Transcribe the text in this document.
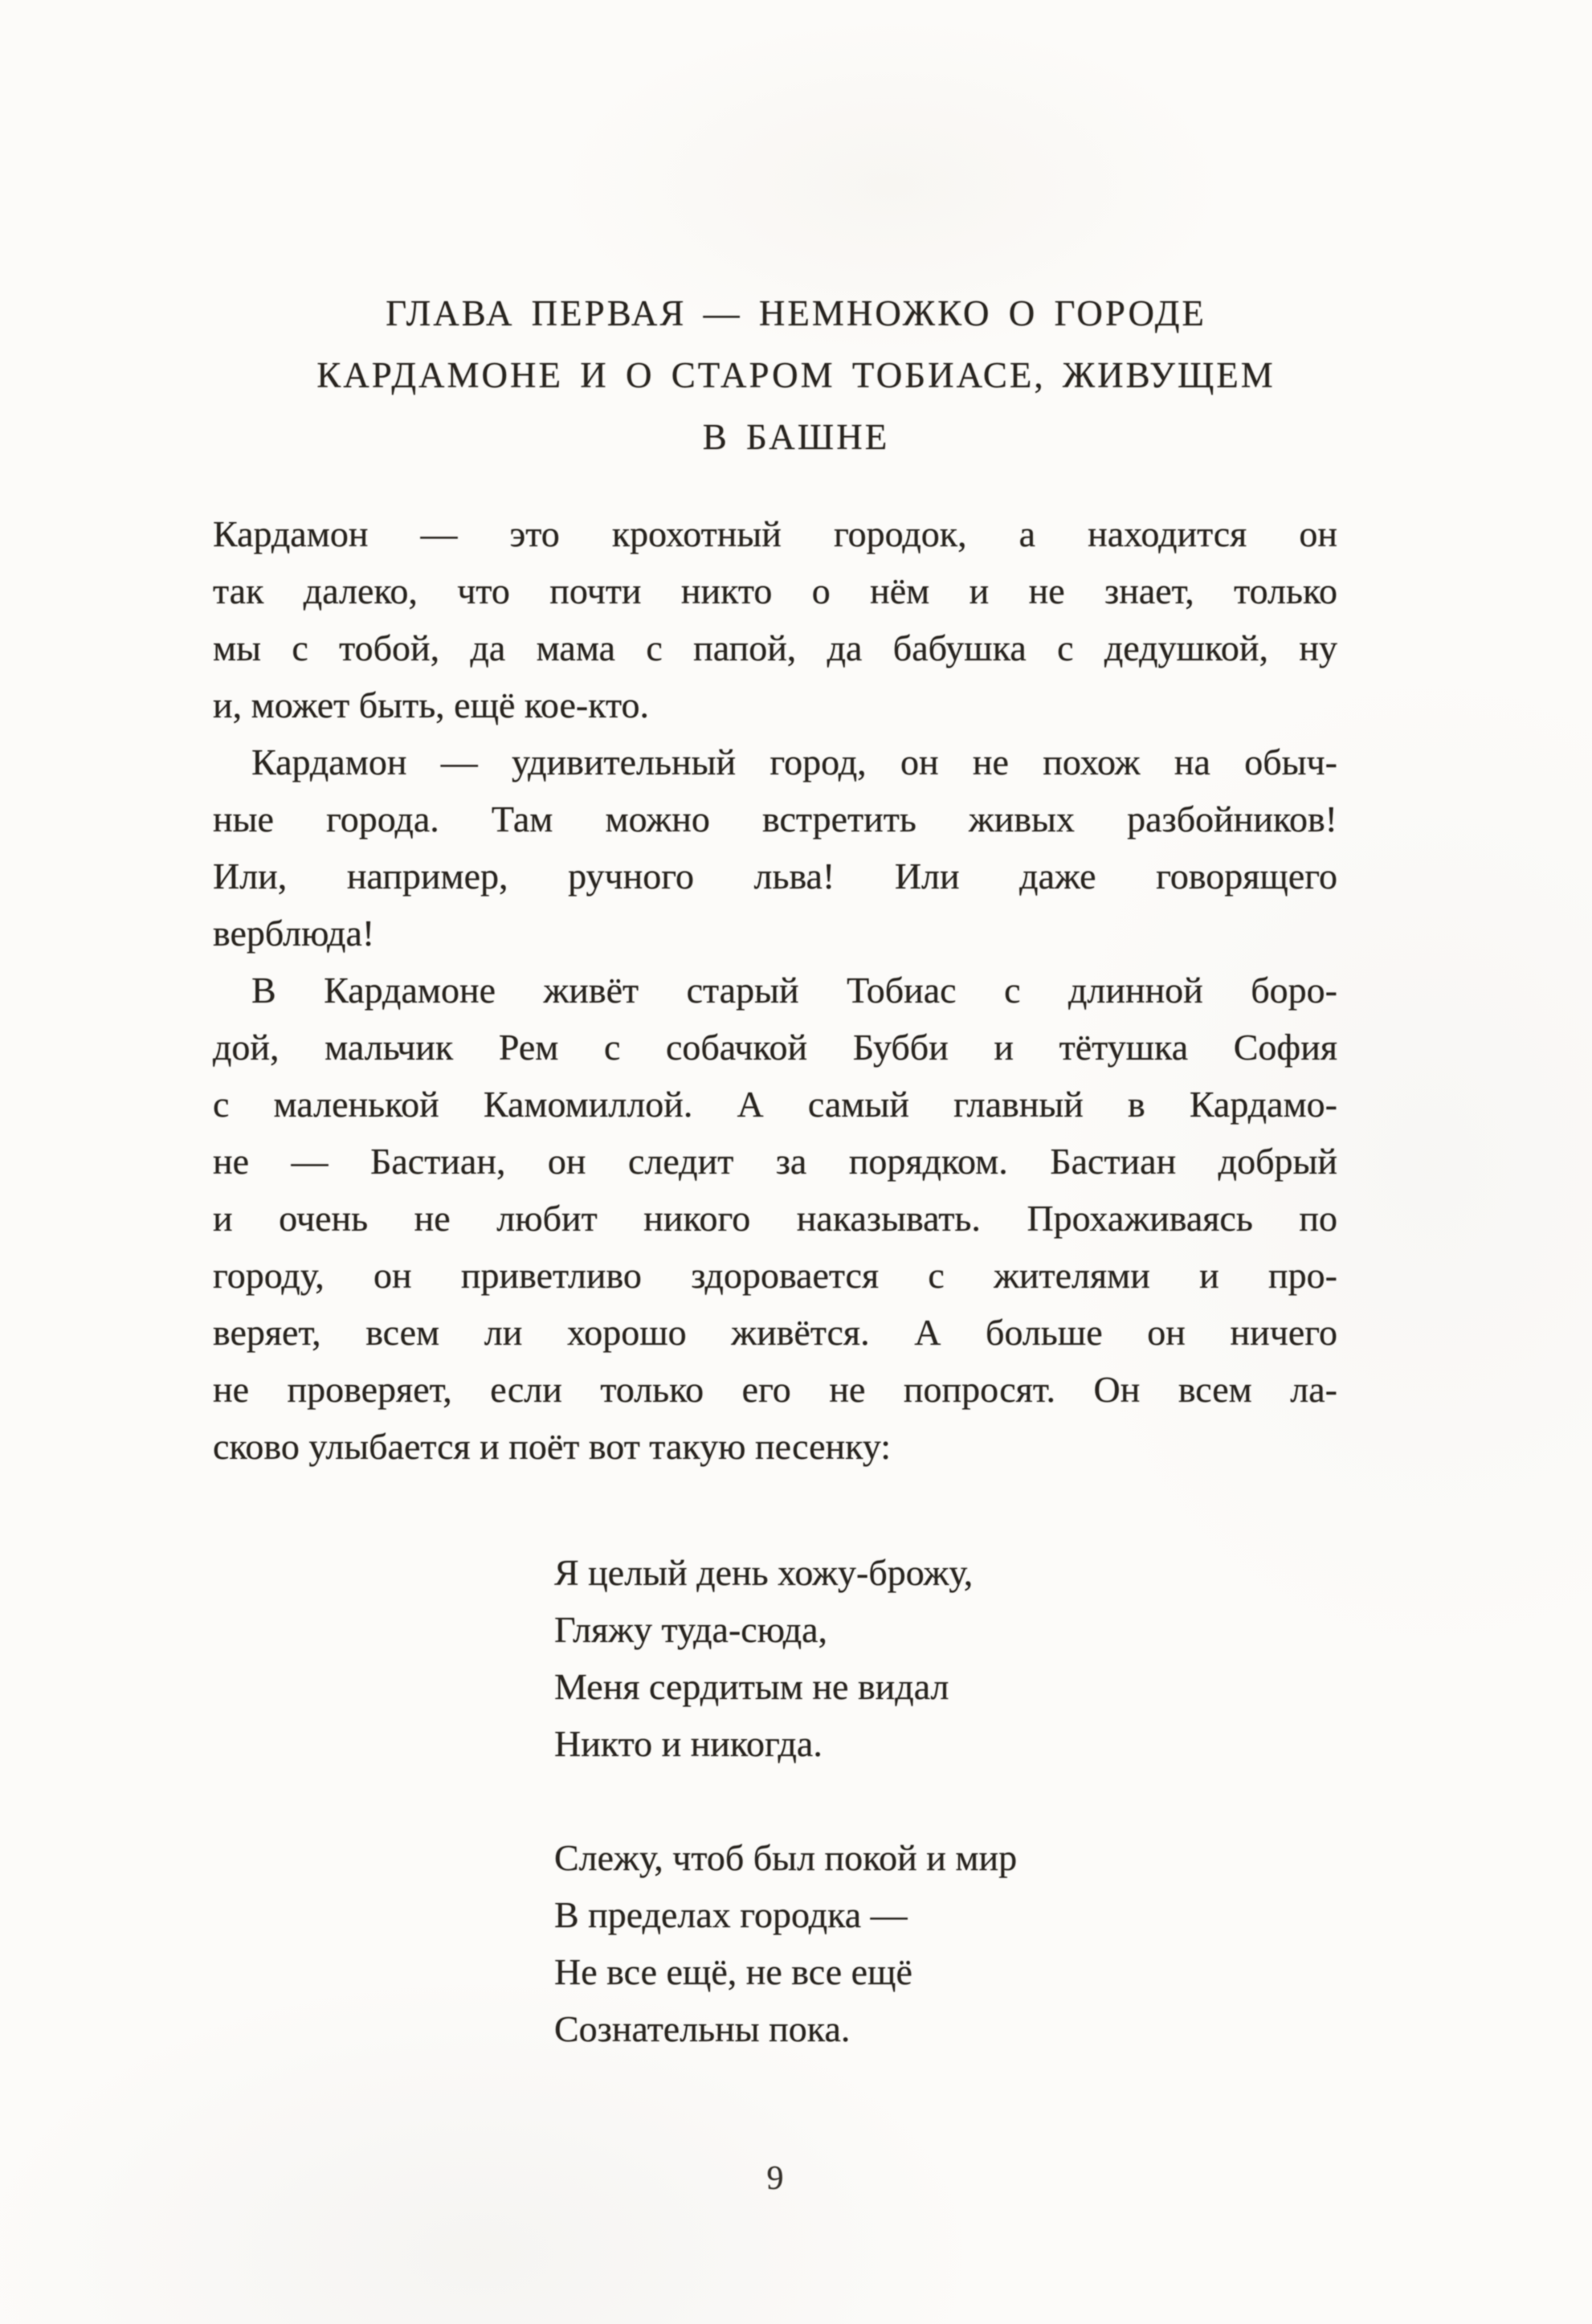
ГЛАВА ПЕРВАЯ — НЕМНОЖКО О ГОРОДЕ
КАРДАМОНЕ И О СТАРОМ ТОБИАСЕ, ЖИВУЩЕМ
В БАШНЕ
Кардамон — это крохотный городок, а находится он
так далеко, что почти никто о нём и не знает, только
мы с тобой, да мама с папой, да бабушка с дедушкой, ну
и, может быть, ещё кое-кто.
Кардамон — удивительный город, он не похож на обыч-
ные города. Там можно встретить живых разбойников!
Или, например, ручного льва! Или даже говорящего
верблюда!
В Кардамоне живёт старый Тобиас с длинной боро-
дой, мальчик Рем с собачкой Бубби и тётушка София
с маленькой Камомиллой. А самый главный в Кардамо-
не — Бастиан, он следит за порядком. Бастиан добрый
и очень не любит никого наказывать. Прохаживаясь по
городу, он приветливо здоровается с жителями и про-
веряет, всем ли хорошо живётся. А больше он ничего
не проверяет, если только его не попросят. Он всем ла-
сково улыбается и поёт вот такую песенку:
Я целый день хожу-брожу,
Гляжу туда-сюда,
Меня сердитым не видал
Никто и никогда.
Слежу, чтоб был покой и мир
В пределах городка —
Не все ещё, не все ещё
Сознательны пока.
9
